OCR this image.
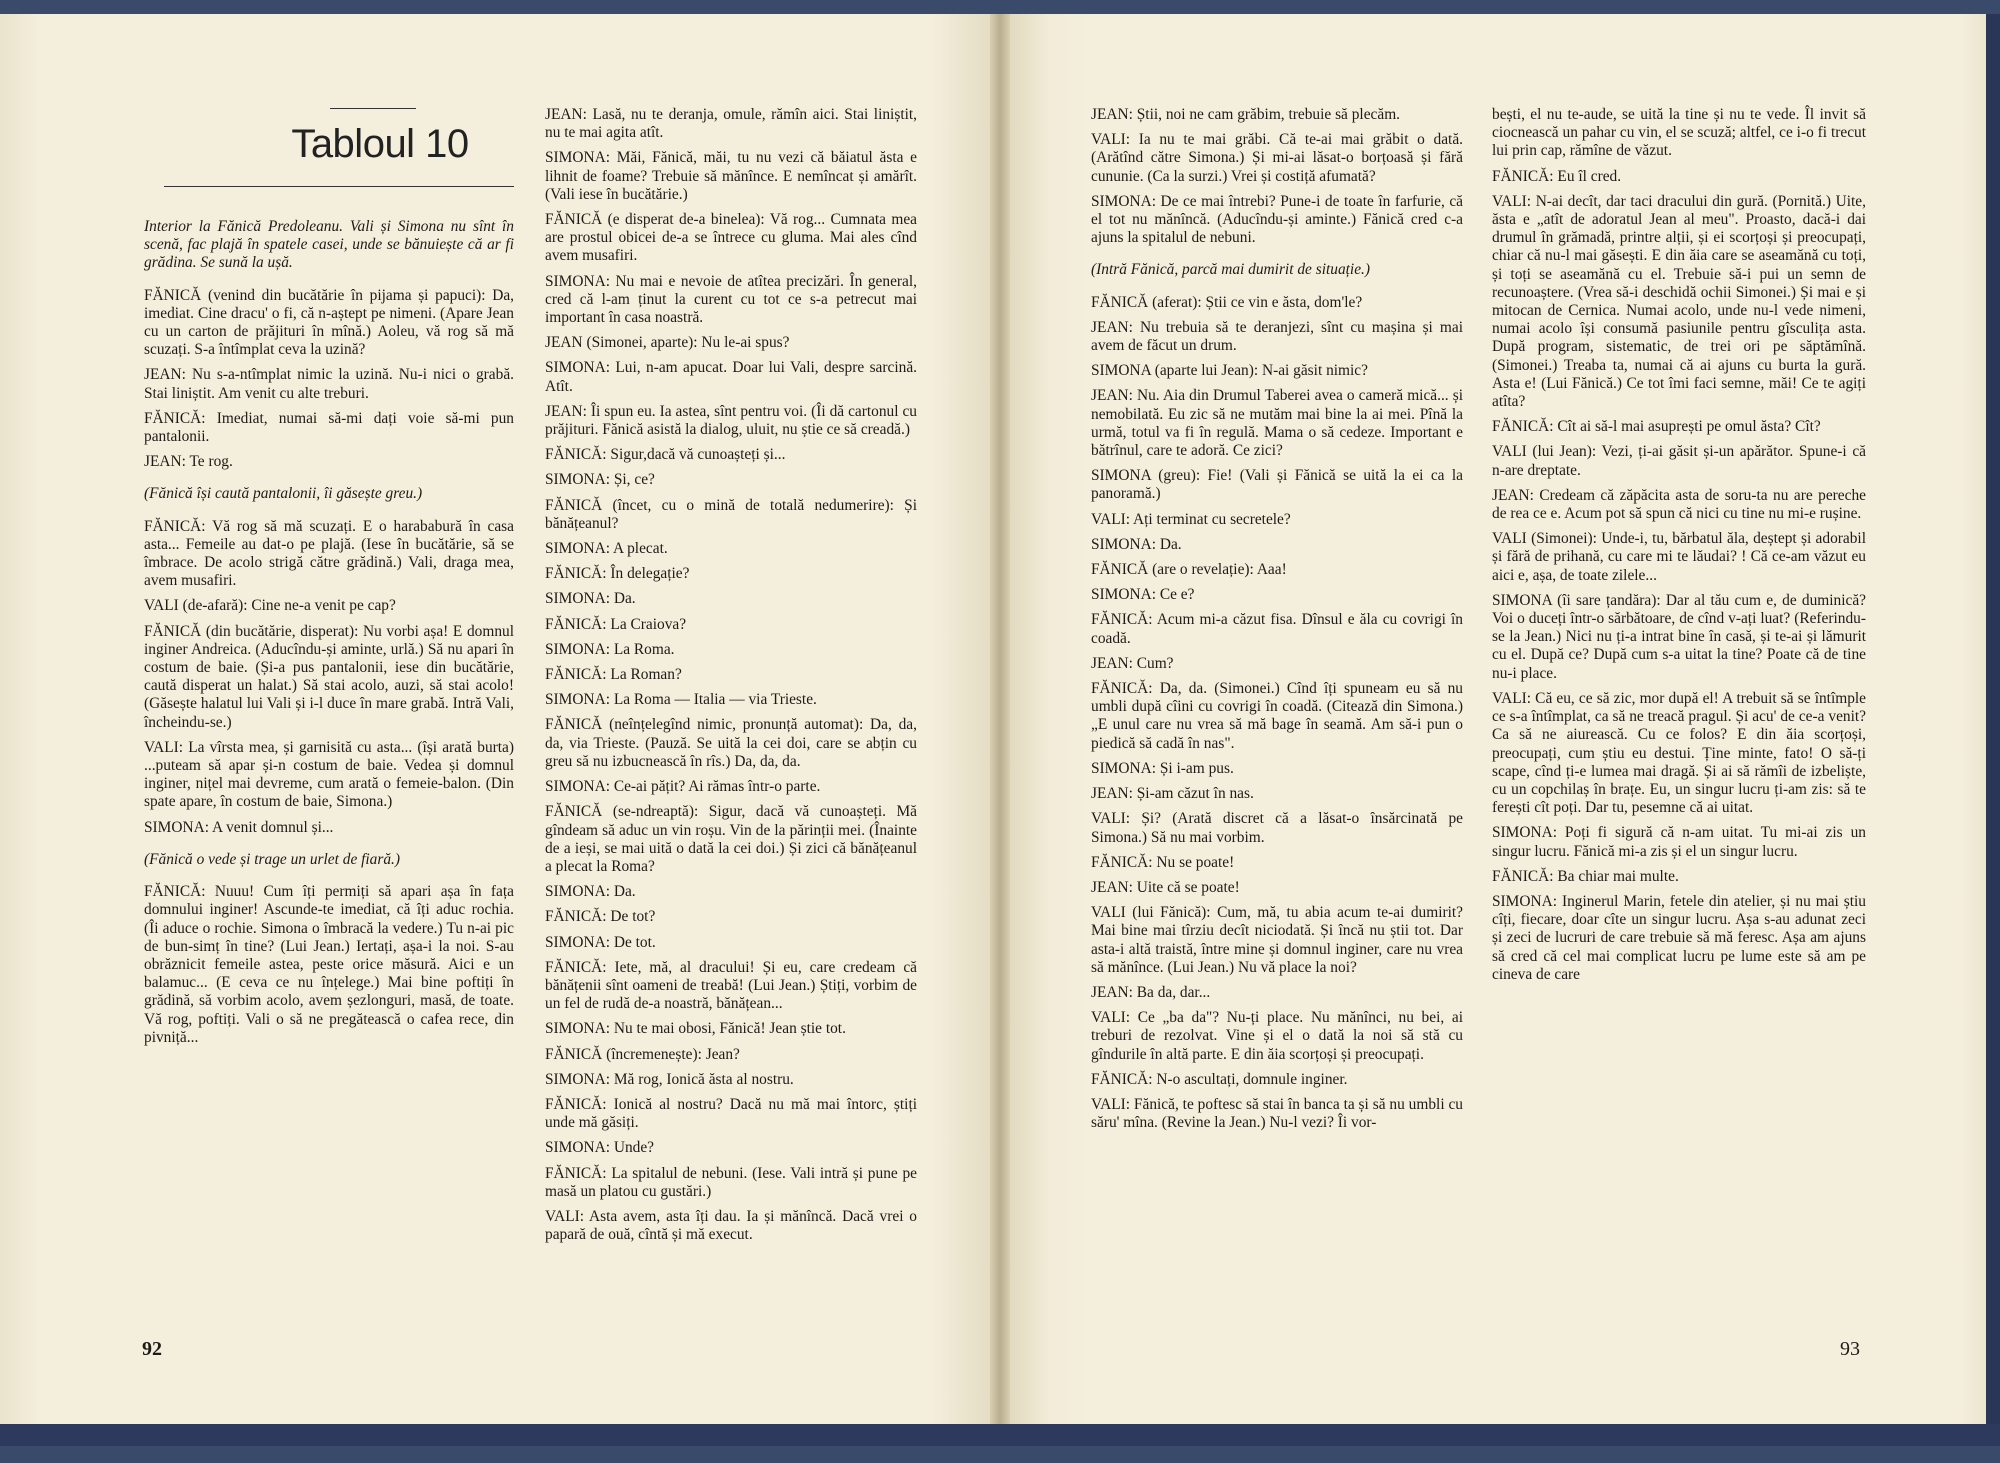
Tabloul 10

Interior la Fănică Predoleanu. Vali și Simona nu sînt în scenă, fac plajă în spatele casei, unde se bănuiește că ar fi grădina. Se sună la ușă.

FĂNICĂ (venind din bucătărie în pijama și papuci): Da, imediat. Cine dracu' o fi, că n-aștept pe nimeni. (Apare Jean cu un carton de prăjituri în mînă.) Aoleu, vă rog să mă scuzați. S-a întîmplat ceva la uzină?

JEAN: Nu s-a-ntîmplat nimic la uzină. Nu-i nici o grabă. Stai liniștit. Am venit cu alte treburi.

FĂNICĂ: Imediat, numai să-mi dați voie să-mi pun pantalonii.

JEAN: Te rog.

(Fănică își caută pantalonii, îi găsește greu.)

FĂNICĂ: Vă rog să mă scuzați. E o harababură în casa asta... Femeile au dat-o pe plajă. (Iese în bucătărie, să se îmbrace. De acolo strigă către grădină.) Vali, draga mea, avem musafiri.

VALI (de-afară): Cine ne-a venit pe cap?

FĂNICĂ (din bucătărie, disperat): Nu vorbi așa! E domnul inginer Andreica. (Aducîndu-și aminte, urlă.) Să nu apari în costum de baie. (Și-a pus pantalonii, iese din bucătărie, caută disperat un halat.) Să stai acolo, auzi, să stai acolo! (Găsește halatul lui Vali și i-l duce în mare grabă. Intră Vali, încheindu-se.)

VALI: La vîrsta mea, și garnisită cu asta... (își arată burta) ...puteam să apar și-n costum de baie. Vedea și domnul inginer, nițel mai devreme, cum arată o femeie-balon. (Din spate apare, în costum de baie, Simona.)

SIMONA: A venit domnul și...

(Fănică o vede și trage un urlet de fiară.)

FĂNICĂ: Nuuu! Cum îți permiți să apari așa în fața domnului inginer! Ascunde-te imediat, că îți aduc rochia. (Îi aduce o rochie. Simona o îmbracă la vedere.) Tu n-ai pic de bun-simț în tine? (Lui Jean.) Iertați, așa-i la noi. S-au obrăznicit femeile astea, peste orice măsură. Aici e un balamuc... (E ceva ce nu înțelege.) Mai bine poftiți în grădină, să vorbim acolo, avem șezlonguri, masă, de toate. Vă rog, poftiți. Vali o să ne pregătească o cafea rece, din pivniță...

JEAN: Lasă, nu te deranja, omule, rămîn aici. Stai liniștit, nu te mai agita atît.

SIMONA: Măi, Fănică, măi, tu nu vezi că băiatul ăsta e lihnit de foame? Trebuie să mănînce. E nemîncat și amărît. (Vali iese în bucătărie.)

FĂNICĂ (e disperat de-a binelea): Vă rog... Cumnata mea are prostul obicei de-a se întrece cu gluma. Mai ales cînd avem musafiri.

SIMONA: Nu mai e nevoie de atîtea precizări. În general, cred că l-am ținut la curent cu tot ce s-a petrecut mai important în casa noastră.

JEAN (Simonei, aparte): Nu le-ai spus?

SIMONA: Lui, n-am apucat. Doar lui Vali, despre sarcină. Atît.

JEAN: Îi spun eu. Ia astea, sînt pentru voi. (Îi dă cartonul cu prăjituri. Fănică asistă la dialog, uluit, nu știe ce să creadă.)

FĂNICĂ: Sigur,dacă vă cunoașteți și...

SIMONA: Și, ce?

FĂNICĂ (încet, cu o mină de totală nedumerire): Și bănățeanul?

SIMONA: A plecat.

FĂNICĂ: În delegație?

SIMONA: Da.

FĂNICĂ: La Craiova?

SIMONA: La Roma.

FĂNICĂ: La Roman?

SIMONA: La Roma — Italia — via Trieste.

FĂNICĂ (neînțelegînd nimic, pronunță automat): Da, da, da, via Trieste. (Pauză. Se uită la cei doi, care se abțin cu greu să nu izbucnească în rîs.) Da, da, da.

SIMONA: Ce-ai pățit? Ai rămas într-o parte.

FĂNICĂ (se-ndreaptă): Sigur, dacă vă cunoașteți. Mă gîndeam să aduc un vin roșu. Vin de la părinții mei. (Înainte de a ieși, se mai uită o dată la cei doi.) Și zici că bănățeanul a plecat la Roma?

SIMONA: Da.

FĂNICĂ: De tot?

SIMONA: De tot.

FĂNICĂ: Iete, mă, al dracului! Și eu, care credeam că bănățenii sînt oameni de treabă! (Lui Jean.) Știți, vorbim de un fel de rudă de-a noastră, bănățean...

SIMONA: Nu te mai obosi, Fănică! Jean știe tot.

FĂNICĂ (încremenește): Jean?

SIMONA: Mă rog, Ionică ăsta al nostru.

FĂNICĂ: Ionică al nostru? Dacă nu mă mai întorc, știți unde mă găsiți.

SIMONA: Unde?

FĂNICĂ: La spitalul de nebuni. (Iese. Vali intră și pune pe masă un platou cu gustări.)

VALI: Asta avem, asta îți dau. Ia și mănîncă. Dacă vrei o papară de ouă, cîntă și mă execut.

JEAN: Știi, noi ne cam grăbim, trebuie să plecăm.

VALI: Ia nu te mai grăbi. Că te-ai mai grăbit o dată. (Arătînd către Simona.) Și mi-ai lăsat-o borțoasă și fără cununie. (Ca la surzi.) Vrei și costiță afumată?

SIMONA: De ce mai întrebi? Pune-i de toate în farfurie, că el tot nu mănîncă. (Aducîndu-și aminte.) Fănică cred c-a ajuns la spitalul de nebuni.

(Intră Fănică, parcă mai dumirit de situație.)

FĂNICĂ (aferat): Știi ce vin e ăsta, dom'le?

JEAN: Nu trebuia să te deranjezi, sînt cu mașina și mai avem de făcut un drum.

SIMONA (aparte lui Jean): N-ai găsit nimic?

JEAN: Nu. Aia din Drumul Taberei avea o cameră mică... și nemobilată. Eu zic să ne mutăm mai bine la ai mei. Pînă la urmă, totul va fi în regulă. Mama o să cedeze. Important e bătrînul, care te adoră. Ce zici?

SIMONA (greu): Fie! (Vali și Fănică se uită la ei ca la panoramă.)

VALI: Ați terminat cu secretele?

SIMONA: Da.

FĂNICĂ (are o revelație): Aaa!

SIMONA: Ce e?

FĂNICĂ: Acum mi-a căzut fisa. Dînsul e ăla cu covrigi în coadă.

JEAN: Cum?

FĂNICĂ: Da, da. (Simonei.) Cînd îți spuneam eu să nu umbli după cîini cu covrigi în coadă. (Citează din Simona.) „E unul care nu vrea să mă bage în seamă. Am să-i pun o piedică să cadă în nas".

SIMONA: Și i-am pus.

JEAN: Și-am căzut în nas.

VALI: Și? (Arată discret că a lăsat-o însărcinată pe Simona.) Să nu mai vorbim.

FĂNICĂ: Nu se poate!

JEAN: Uite că se poate!

VALI (lui Fănică): Cum, mă, tu abia acum te-ai dumirit? Mai bine mai tîrziu decît niciodată. Și încă nu știi tot. Dar asta-i altă traistă, între mine și domnul inginer, care nu vrea să mănînce. (Lui Jean.) Nu vă place la noi?

JEAN: Ba da, dar...

VALI: Ce „ba da"? Nu-ți place. Nu mănînci, nu bei, ai treburi de rezolvat. Vine și el o dată la noi să stă cu gîndurile în altă parte. E din ăia scorțoși și preocupați.

FĂNICĂ: N-o ascultați, domnule inginer.

VALI: Fănică, te poftesc să stai în banca ta și să nu umbli cu săru' mîna. (Revine la Jean.) Nu-l vezi? Îi vor-

bești, el nu te-aude, se uită la tine și nu te vede. Îl invit să ciocnească un pahar cu vin, el se scuză; altfel, ce i-o fi trecut lui prin cap, rămîne de văzut.

FĂNICĂ: Eu îl cred.

VALI: N-ai decît, dar taci dracului din gură. (Pornită.) Uite, ăsta e „atît de adoratul Jean al meu". Proasto, dacă-i dai drumul în grămadă, printre alții, și ei scorțoși și preocupați, chiar că nu-l mai găsești. E din ăia care se aseamănă cu toți, și toți se aseamănă cu el. Trebuie să-i pui un semn de recunoaștere. (Vrea să-i deschidă ochii Simonei.) Și mai e și mitocan de Cernica. Numai acolo, unde nu-l vede nimeni, numai acolo își consumă pasiunile pentru gîsculița asta. După program, sistematic, de trei ori pe săptămînă. (Simonei.) Treaba ta, numai că ai ajuns cu burta la gură. Asta e! (Lui Fănică.) Ce tot îmi faci semne, măi! Ce te agiți atîta?

FĂNICĂ: Cît ai să-l mai asuprești pe omul ăsta? Cît?

VALI (lui Jean): Vezi, ți-ai găsit și-un apărător. Spune-i că n-are dreptate.

JEAN: Credeam că zăpăcita asta de soru-ta nu are pereche de rea ce e. Acum pot să spun că nici cu tine nu mi-e rușine.

VALI (Simonei): Unde-i, tu, bărbatul ăla, deștept și adorabil și fără de prihană, cu care mi te lăudai? ! Că ce-am văzut eu aici e, așa, de toate zilele...

SIMONA (îi sare țandăra): Dar al tău cum e, de duminică? Voi o duceți într-o sărbătoare, de cînd v-ați luat? (Referindu-se la Jean.) Nici nu ți-a intrat bine în casă, și te-ai și lămurit cu el. După ce? După cum s-a uitat la tine? Poate că de tine nu-i place.

VALI: Că eu, ce să zic, mor după el! A trebuit să se întîmple ce s-a întîmplat, ca să ne treacă pragul. Și acu' de ce-a venit? Ca să ne aiurească. Cu ce folos? E din ăia scorțoși, preocupați, cum știu eu destui. Ține minte, fato! O să-ți scape, cînd ți-e lumea mai dragă. Și ai să rămîi de izbeliște, cu un copchilaș în brațe. Eu, un singur lucru ți-am zis: să te ferești cît poți. Dar tu, pesemne că ai uitat.

SIMONA: Poți fi sigură că n-am uitat. Tu mi-ai zis un singur lucru. Fănică mi-a zis și el un singur lucru.

FĂNICĂ: Ba chiar mai multe.

SIMONA: Inginerul Marin, fetele din atelier, și nu mai știu cîți, fiecare, doar cîte un singur lucru. Așa s-au adunat zeci și zeci de lucruri de care trebuie să mă feresc. Așa am ajuns să cred că cel mai complicat lucru pe lume este să am pe cineva de care

92	93
